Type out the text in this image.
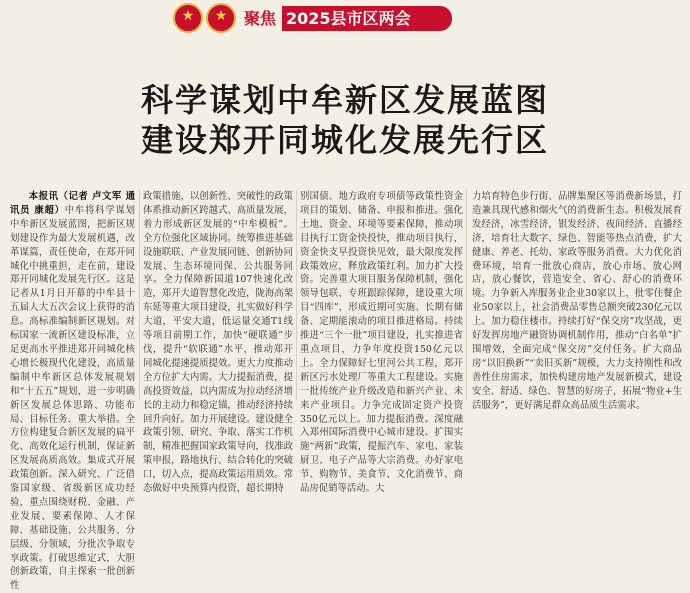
★
★
聚焦 2025县市区两会
科学谋划中牟新区发展蓝图
建设郑开同城化发展先行区

本报讯（记者 卢文军 通讯员 康超）中牟将科学谋划中牟新区发展蓝图，把新区规划建设作为最大发展机遇，改革谋篇，责任使命，在郑开同城化中挑重担，走在前，建设郑开同城化发展先行区。这是记者从1月日开幕的中牟县十五届人大五次会议上获得的消息。高标准编制新区规划。对标国家一流新区建设标准，立足更高水平推进郑开同城化核心增长极现代化建设，高质量编制中牟新区总体发展规划和“十五五”规划，进一步明确新区发展总体思路、功能布局、目标任务、重大举措。全方位构建复合新区发展的扁平化、高效化运行机制，保证新区发展高质高效。集成式开展政策创新。深入研究、广泛借鉴国家级、省级新区成功经验，重点围绕财税、金融、产业发展、要素保障、人才保障、基础设施、公共服务、分层级、分领域，分批次争取专享政策。打破思维定式，大胆创新政策，自主探索一批创新性

政策措施，以创新性、突破性的政策体系推动新区跨越式、高质量发展，着力形成新区发展的“中牟模板”。全方位强化区域协同。统筹推进基础设施联联、产业发展同链、创新协同发展、生态环境同保、公共服务同享。全力保障新国道107快速化改造，郑开大道智慧化改造，陇海高架东延等重大项目建设，扎实做好科学大道，平安大道，低运量交通T1线等项目前期工作，加快“硬联通”步伐，提升“软联通”水平，推动郑开同城化提速提质提效。更大力度推动全方位扩大内需。大力提振消费，提高投资效益，以内需成为拉动经济增长的主动力和稳定锚，推动经济持续回升向好。加力开展建设。建设健全政策引领、研究、争取、落实工作机制，精准把握国家政策导向，找准政策申报，路地执行、结合转化的突破口，切入点，提高政策运用质效。常态做好中央预算内投资，超长期特

别国债、地方政府专项债等政策性资金项目的策划、储备、申报和推进。强化土地、资金、环境等要素保障，推动项目执行工资金快投快，推动项目执行，资金快支早投资快见效，最大限度发挥政策效应，释放政策红利。加力扩大投资。完善重大项目服务保障机制，强化领导包联、专班跟踪保障，建设重大项目“四库”，形成近期可实施、长期有储备、定期能滚动的项目推进格局。持续推进“三个一批”项目建设，扎实推进省重点项目，力争年度投资150亿元以上。全力保障好七里河公共工程，郑开新区污水处理厂等重大工程建设。实施一批传统产业升级改造和新兴产业、未来产业项目。力争完成固定资产投资350亿元以上。加力提振消费。深度融入郑州国际消费中心城市建设。扩围实施“两新”政策，提振汽车、家电、家装厨卫、电子产品等大宗消费。办好家电节、购物节、美食节、文化消费节、商品房促销等活动。大

力培育特色步行街、品牌集聚区等消费新场景，打造兼具现代感和烟火气的消费新生态。积极发展育发经济，冰雪经济，银发经济、夜间经济、直播经济，培育壮大数字、绿色、智能等热点消费，扩大健康、养老、托幼、家政等服务消费。大力优化消费环境，培育一批放心商店，放心市场、放心网店，放心餐饮，营造安全、省心、舒心的消费环境。力争新入库服务业企业30家以上，批零住餐企业50家以上，社会消费品零售总额突破230亿元以上。加力稳住楼市。持续打好“保交房”攻坚战，更好发挥房地产融资协调机制作用，推动“白名单”扩围增效，全面完成“保交房”交付任务。扩大商品房“以旧换新”“卖旧买新”规模，大力支持刚性和改善性住房需求，加快构建房地产发展新模式，建设安全、舒适、绿色、智慧的好房子，拓展“物业+生活服务”，更好满足群众高品质生活需求。
